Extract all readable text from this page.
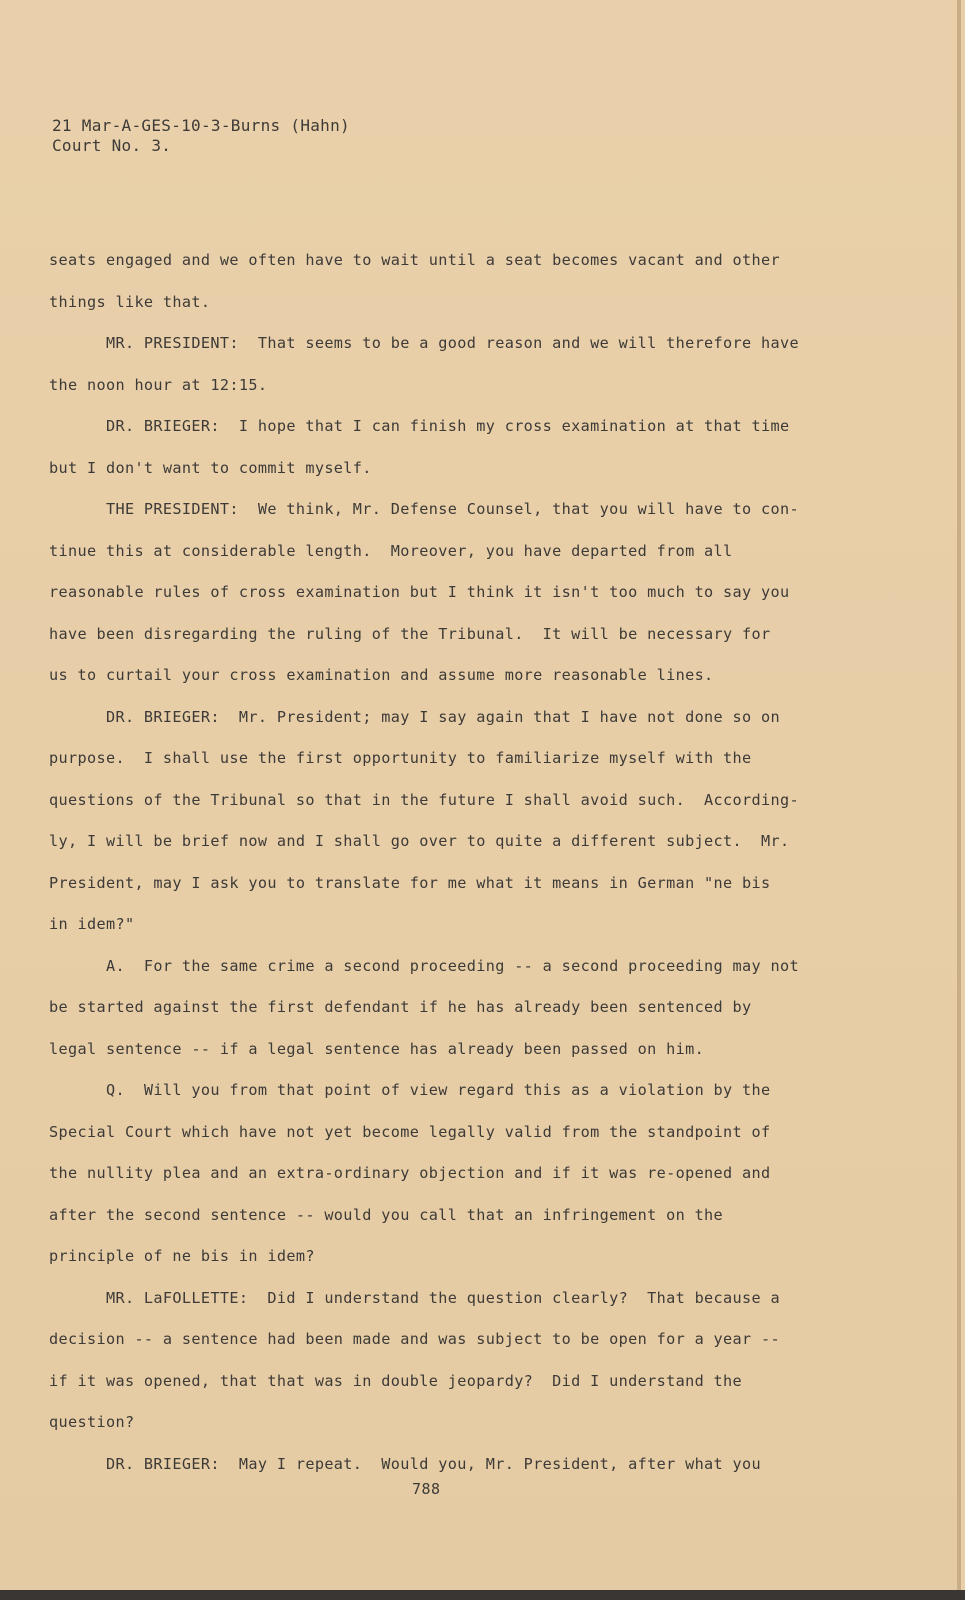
21 Mar-A-GES-10-3-Burns (Hahn)
Court No. 3.
seats engaged and we often have to wait until a seat becomes vacant and other
things like that.
MR. PRESIDENT:  That seems to be a good reason and we will therefore have
the noon hour at 12:15.
DR. BRIEGER:  I hope that I can finish my cross examination at that time
but I don't want to commit myself.
THE PRESIDENT:  We think, Mr. Defense Counsel, that you will have to con-
tinue this at considerable length.  Moreover, you have departed from all
reasonable rules of cross examination but I think it isn't too much to say you
have been disregarding the ruling of the Tribunal.  It will be necessary for
us to curtail your cross examination and assume more reasonable lines.
DR. BRIEGER:  Mr. President; may I say again that I have not done so on
purpose.  I shall use the first opportunity to familiarize myself with the
questions of the Tribunal so that in the future I shall avoid such.  According-
ly, I will be brief now and I shall go over to quite a different subject.  Mr.
President, may I ask you to translate for me what it means in German "ne bis
in idem?"
A.  For the same crime a second proceeding -- a second proceeding may not
be started against the first defendant if he has already been sentenced by
legal sentence -- if a legal sentence has already been passed on him.
Q.  Will you from that point of view regard this as a violation by the
Special Court which have not yet become legally valid from the standpoint of
the nullity plea and an extra-ordinary objection and if it was re-opened and
after the second sentence -- would you call that an infringement on the
principle of ne bis in idem?
MR. LaFOLLETTE:  Did I understand the question clearly?  That because a
decision -- a sentence had been made and was subject to be open for a year --
if it was opened, that that was in double jeopardy?  Did I understand the
question?
DR. BRIEGER:  May I repeat.  Would you, Mr. President, after what you
788
